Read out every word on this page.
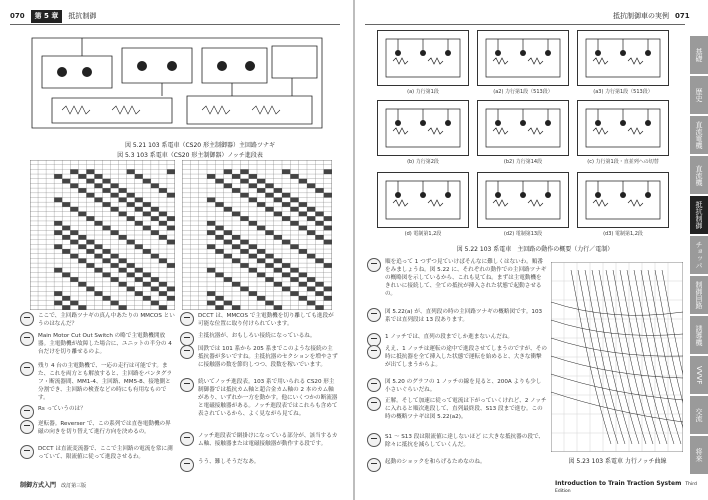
070	第 5 章	抵抗制御
図 5.21 103 系電車（CS20 形主制御器）主回路ツナギ
図 5.3 103 系電車（CS20 形主制御器）ノッチ進段表

ここで、主回路ツナギの真ん中あたりの MMCOS というのはなんだ？

Main Motor Cut Out Switch の略で主電動機開放器。主電動機が故障した場合に、ユニットの半分の 4 台だけを切り離せるのよ。

残り 4 台の主電動機で、一応の走行は可能です。また、これを両方とも解放すると、主回路をパンタグラフ・断流器間、MM1-4、主回路、MM5-8、接地側と分割でき、主回路の検査などの時にも有用なものです。

Rs っていうのは？

逆転器。Reverser で、この系列では直巻電動機の界磁の向きを切り替えて進行方向を決めるの。

DCCT は直流変流器で、ここで主回路の電流を常に測っていて、限流値に従って進段させるわ。

DCCT は、MMCOS で主電動機を切り離しても進段が可能な位置に取り付けられています。

主抵抗器が、おもしろい接続になっているね。

国鉄では 101 系から 205 系までこのような接続の主抵抗器が多いですね。主抵抗器のセクションを増やさずに接触器の数を節約しつつ、段数を稼いでいます。

続いてノッチ進段表。103 系で用いられる CS20 形主制御器では抵抗カム軸と超合金カム軸の 2 本のカム軸があり、いずれか一方を動かす。他にいくつかの断流器と電磁接触器がある。ノッチ進段表ではこれらも含めて表されているから、よく見ながら見てね。

ノッチ進段表で網掛けになっている部分が、該当するカム軸、接触器または電磁接触器が動作する段です。

うう、難しそうだなあ。

制御方式入門 改訂第三版
抵抗制御車の実例 071
(a) 力行第1段	(a2) 力行第1段（513段）	(a3) 力行第1段（513段）
(b) 力行第2段	(b2) 力行第14段	(c) 力行第1段・直並列への切替
(d) 電制第1,2段	(d2) 電制第13段	(d3) 電制第1,2段
図 5.22 103 系電車　主回路の動作の概要（力行／電制）

順を追って 1 つずつ見ていけばそんなに難しくはないわ。順番をみましょうね。図 5.22 に、それぞれの動作での主回路ツナギの概略図を示しているから、これも見てね。まずは主電動機をきれいに接続して、全ての抵抗が挿入された状態で起動させるの。

図 5.22(a) が、直列段の時の主回路ツナギの概略図です。103 系では直列段は 13 段あります。

1 ノッチでは、直列の段までしか進まないんだね。

ええ、1 ノッチは運転の途中で進段させてしまうのですが、その時に抵抗器を全て挿入した状態で運転を始めると、大きな衝撃が出てしまうからよ。

図 5.20 のグラフの 1 ノッチの線を見ると、200A よりも少し小さいぐらいだね。

正解。そして加速に従って電流は下がっていくけれど、2 ノッチに入れると順次進段して、直列最終段、S13 段まで進む。この時の概略ツナギは図 5.22(a2)。

S1 ～ S13 段は限流値に達しないほど に大きな抵抗器の段で、除々に抵抗を減らしていくんだ。

起動のショックを和らげるためなのね。	図 5.23 103 系電車 力行ノッチ曲線
Introduction to Train Traction System Third Edition
基礎
歴史
直流電機
直流機
抵抗制御
チョッパ
制御回路
誘導機
VVVF
交流
将来
